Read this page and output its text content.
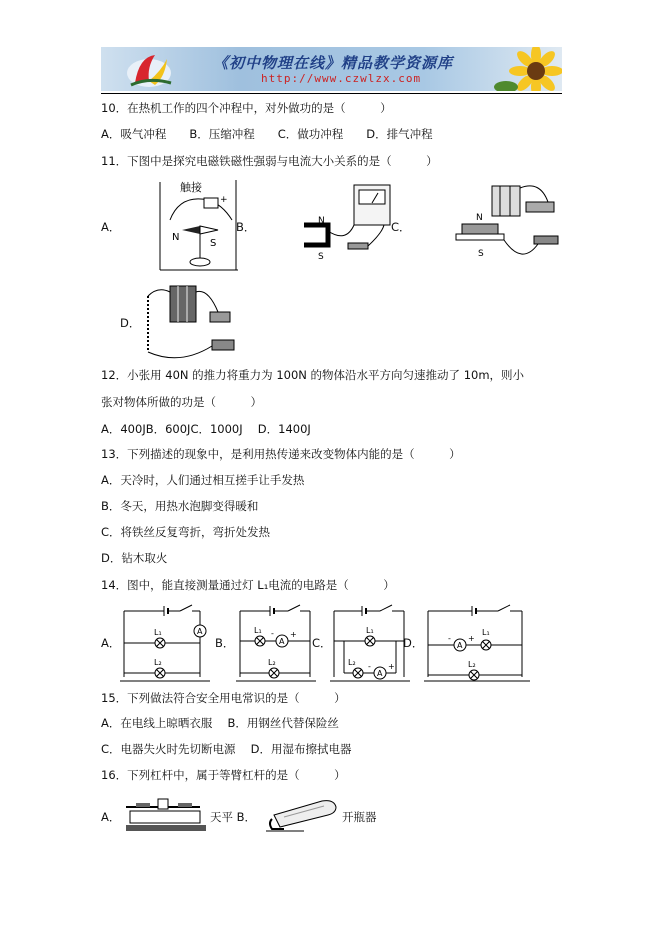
《初中物理在线》精品教学资源库
http://www.czwlzx.com
10．在热机工作的四个冲程中，对外做功的是（　　　）
A．吸气冲程　　B．压缩冲程　　C．做功冲程　　D．排气冲程
11．下图中是探究电磁铁磁性强弱与电流大小关系的是（　　　）
A．
触接
+
N
S
B．	N
S
C．
N
S
D．
12．小张用 40N 的推力将重力为 100N 的物体沿水平方向匀速推动了 10m，则小
张对物体所做的功是（　　　）
A．400JB．600JC．1000J　 D．1400J
13．下列描述的现象中，是利用热传递来改变物体内能的是（　　　）
A．天冷时，人们通过相互搓手让手发热
B．冬天，用热水泡脚变得暖和
C．将铁丝反复弯折，弯折处发热
D．钻木取火
14．图中，能直接测量通过灯 L₁电流的电路是（　　　）
A．
A
L₁
L₂
B．	A
- +
L₁
L₂
C．
A
- +
L₁
L₂
D．	A
- +
L₁
L₂
15．下列做法符合安全用电常识的是（　　　）
A．在电线上晾晒衣服　 B．用钢丝代替保险丝
C．电器失火时先切断电源　 D．用湿布擦拭电器
16．下列杠杆中，属于等臂杠杆的是（　　　）
A．	天平 B．	开瓶器
